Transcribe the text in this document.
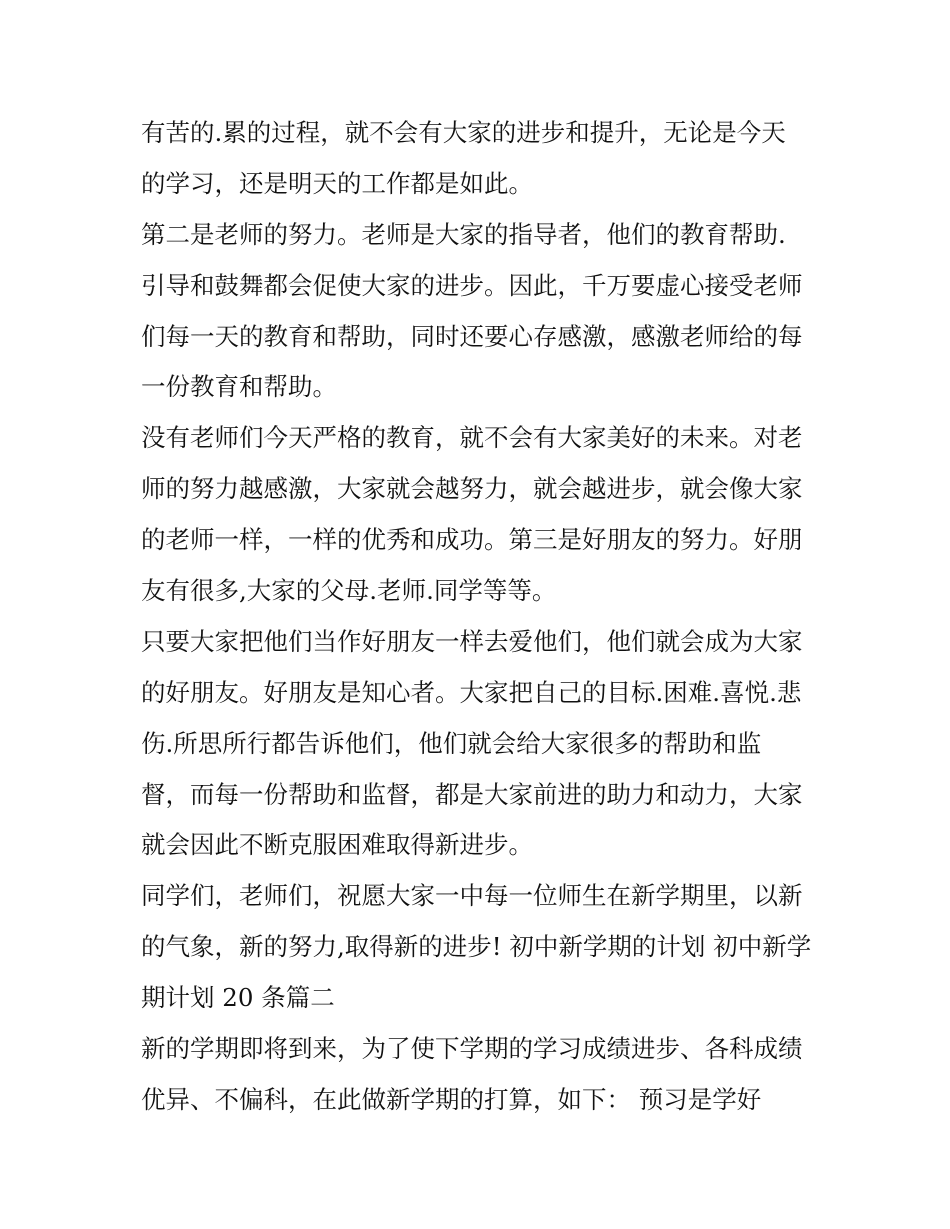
有苦的.累的过程，就不会有大家的进步和提升，无论是今天
的学习，还是明天的工作都是如此。
第二是老师的努力。老师是大家的指导者，他们的教育帮助.
引导和鼓舞都会促使大家的进步。因此，千万要虚心接受老师
们每一天的教育和帮助，同时还要心存感激，感激老师给的每
一份教育和帮助。
没有老师们今天严格的教育，就不会有大家美好的未来。对老
师的努力越感激，大家就会越努力，就会越进步，就会像大家
的老师一样，一样的优秀和成功。第三是好朋友的努力。好朋
友有很多,大家的父母.老师.同学等等。
只要大家把他们当作好朋友一样去爱他们，他们就会成为大家
的好朋友。好朋友是知心者。大家把自己的目标.困难.喜悦.悲
伤.所思所行都告诉他们，他们就会给大家很多的帮助和监
督，而每一份帮助和监督，都是大家前进的助力和动力，大家
就会因此不断克服困难取得新进步。
同学们，老师们，祝愿大家一中每一位师生在新学期里，以新
的气象，新的努力,取得新的进步! 初中新学期的计划 初中新学
期计划 20 条篇二
新的学期即将到来，为了使下学期的学习成绩进步、各科成绩
优异、不偏科，在此做新学期的打算，如下： 预习是学好
